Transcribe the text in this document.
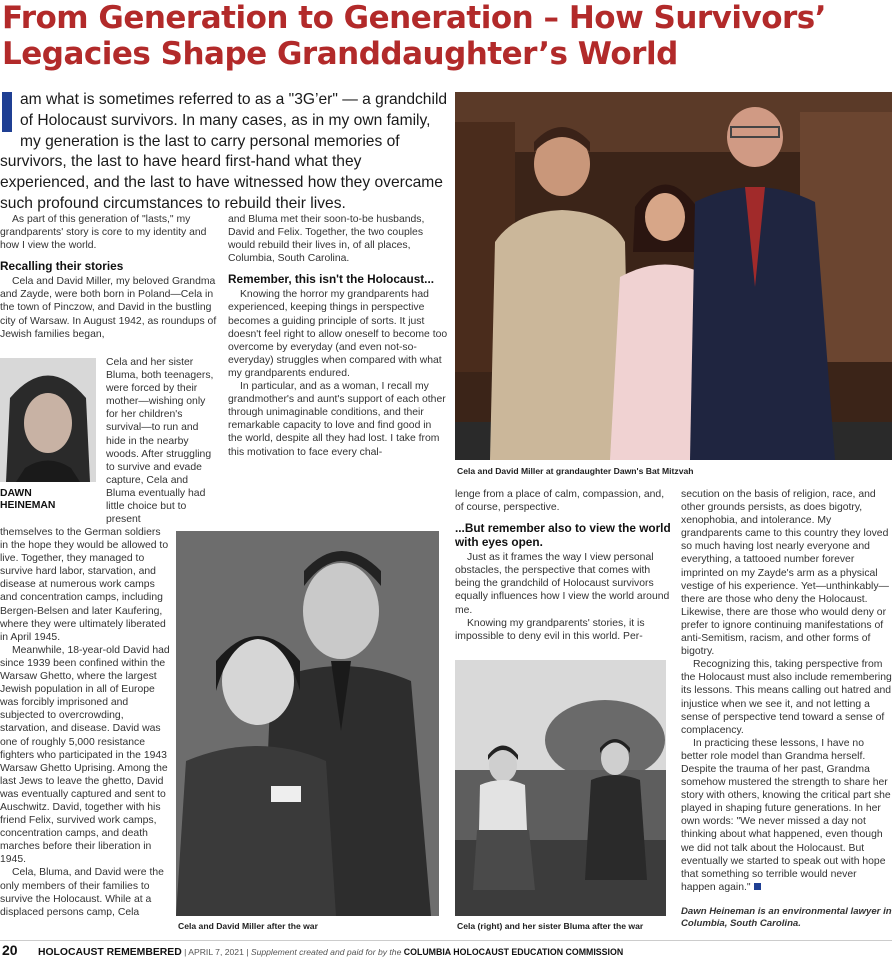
From Generation to Generation – How Survivors’
Legacies Shape Granddaughter’s World
am what is sometimes referred to as a "3G’er" — a grandchild of Holocaust survivors. In many cases, as in my own family, my generation is the last to carry personal memories of survivors, the last to have heard first-hand what they experienced, and the last to have witnessed how they overcame such profound circumstances to rebuild their lives.
Cela and David Miller at grandaughter Dawn's Bat Mitzvah

As part of this generation of "lasts," my grandparents' story is core to my identity and how I view the world.

Recalling their stories

Cela and David Miller, my beloved Grandma and Zayde, were both born in Poland—Cela in the town of Pinczow, and David in the bustling city of Warsaw. In August 1942, as roundups of Jewish families began,

DAWN
HEINEMAN

Cela and her sister Bluma, both teenagers, were forced by their mother—wishing only for her children's survival—to run and hide in the nearby woods. After struggling to survive and evade capture, Cela and Bluma eventually had little choice but to present

themselves to the German soldiers in the hope they would be allowed to live. Together, they managed to survive hard labor, starvation, and disease at numerous work camps and concentration camps, including Bergen-Belsen and later Kaufering, where they were ultimately liberated in April 1945.

Meanwhile, 18-year-old David had since 1939 been confined within the Warsaw Ghetto, where the largest Jewish population in all of Europe was forcibly imprisoned and subjected to overcrowding, starvation, and disease. David was one of roughly 5,000 resistance fighters who participated in the 1943 Warsaw Ghetto Uprising. Among the last Jews to leave the ghetto, David was eventually captured and sent to Auschwitz. David, together with his friend Felix, survived work camps, concentration camps, and death marches before their liberation in 1945.

Cela, Bluma, and David were the only members of their families to survive the Holocaust. While at a displaced persons camp, Cela

and Bluma met their soon-to-be husbands, David and Felix. Together, the two couples would rebuild their lives in, of all places, Columbia, South Carolina.

Remember, this isn't the Holocaust...

Knowing the horror my grandparents had experienced, keeping things in perspective becomes a guiding principle of sorts. It just doesn't feel right to allow oneself to become too overcome by everyday (and even not-so-everyday) struggles when compared with what my grandparents endured.

In particular, and as a woman, I recall my grandmother's and aunt's support of each other through unimaginable conditions, and their remarkable capacity to love and find good in the world, despite all they had lost. I take from this motivation to face every chal-

Cela and David Miller after the war

lenge from a place of calm, compassion, and, of course, perspective.

...But remember also to view the world with eyes open.

Just as it frames the way I view personal obstacles, the perspective that comes with being the grandchild of Holocaust survivors equally influences how I view the world around me.

Knowing my grandparents' stories, it is impossible to deny evil in this world. Per-

Cela (right) and her sister Bluma after the war

secution on the basis of religion, race, and other grounds persists, as does bigotry, xenophobia, and intolerance. My grandparents came to this country they loved so much having lost nearly everyone and everything, a tattooed number forever imprinted on my Zayde's arm as a physical vestige of his experience. Yet—unthinkably—there are those who deny the Holocaust. Likewise, there are those who would deny or prefer to ignore continuing manifestations of anti-Semitism, racism, and other forms of bigotry.

Recognizing this, taking perspective from the Holocaust must also include remembering its lessons. This means calling out hatred and injustice when we see it, and not letting a sense of perspective tend toward a sense of complacency.

In practicing these lessons, I have no better role model than Grandma herself. Despite the trauma of her past, Grandma somehow mustered the strength to share her story with others, knowing the critical part she played in shaping future generations. In her own words: "We never missed a day not thinking about what happened, even though we did not talk about the Holocaust. But eventually we started to speak out with hope that something so terrible would never happen again."

Dawn Heineman is an environmental lawyer in Columbia, South Carolina.
20 HOLOCAUST REMEMBERED | APRIL 7, 2021 | Supplement created and paid for by the COLUMBIA HOLOCAUST EDUCATION COMMISSION
